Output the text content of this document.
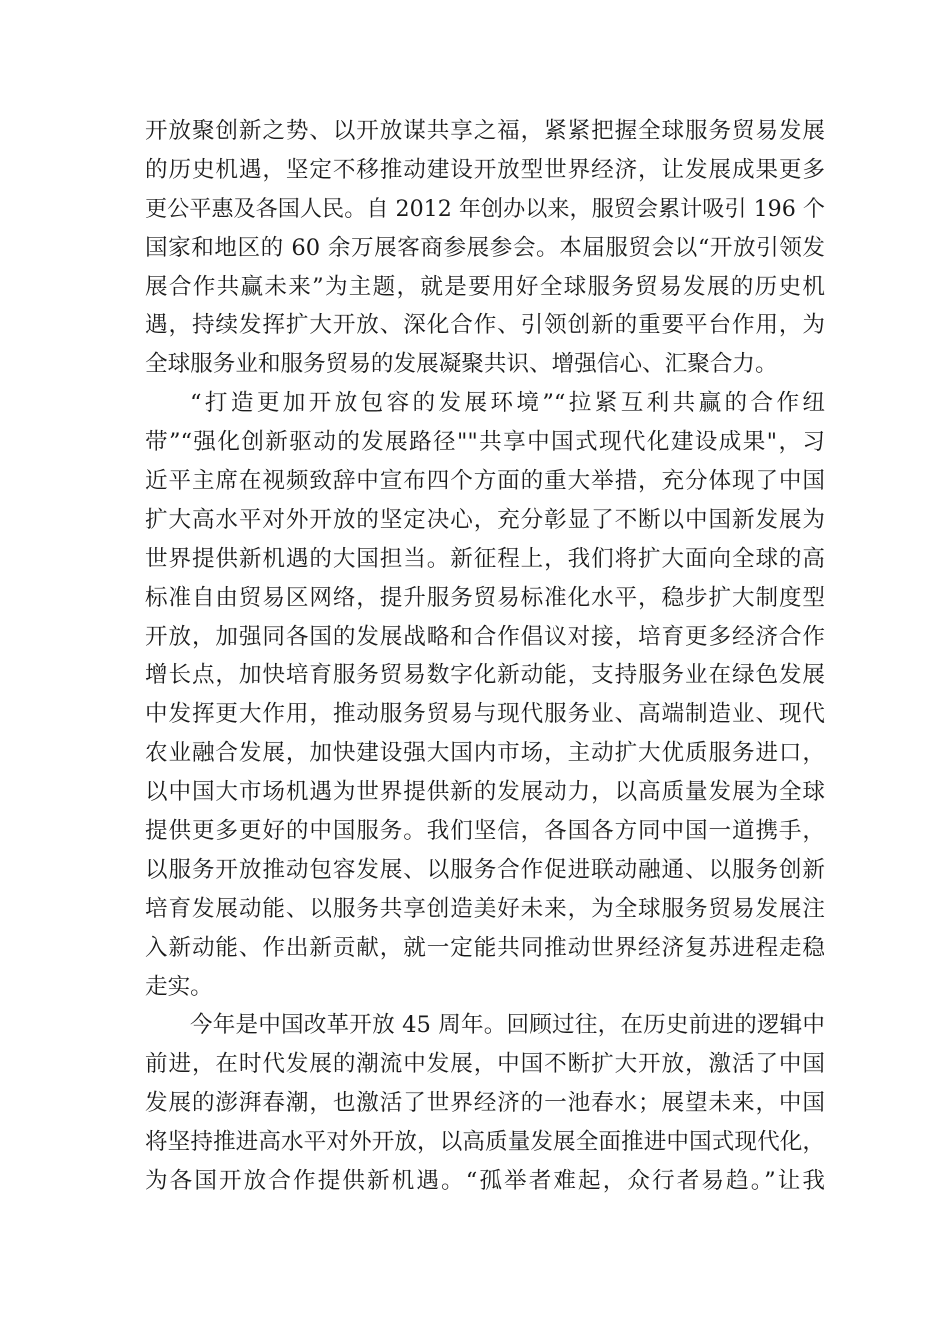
开放聚创新之势、以开放谋共享之福，紧紧把握全球服务贸易发展
的历史机遇，坚定不移推动建设开放型世界经济，让发展成果更多
更公平惠及各国人民。自 2012 年创办以来，服贸会累计吸引 196 个
国家和地区的 60 余万展客商参展参会。本届服贸会以“开放引领发
展合作共赢未来”为主题，就是要用好全球服务贸易发展的历史机
遇，持续发挥扩大开放、深化合作、引领创新的重要平台作用，为
全球服务业和服务贸易的发展凝聚共识、增强信心、汇聚合力。
“打造更加开放包容的发展环境”“拉紧互利共赢的合作纽
带”“强化创新驱动的发展路径""共享中国式现代化建设成果"，习
近平主席在视频致辞中宣布四个方面的重大举措，充分体现了中国
扩大高水平对外开放的坚定决心，充分彰显了不断以中国新发展为
世界提供新机遇的大国担当。新征程上，我们将扩大面向全球的高
标准自由贸易区网络，提升服务贸易标准化水平，稳步扩大制度型
开放，加强同各国的发展战略和合作倡议对接，培育更多经济合作
增长点，加快培育服务贸易数字化新动能，支持服务业在绿色发展
中发挥更大作用，推动服务贸易与现代服务业、高端制造业、现代
农业融合发展，加快建设强大国内市场，主动扩大优质服务进口，
以中国大市场机遇为世界提供新的发展动力，以高质量发展为全球
提供更多更好的中国服务。我们坚信，各国各方同中国一道携手，
以服务开放推动包容发展、以服务合作促进联动融通、以服务创新
培育发展动能、以服务共享创造美好未来，为全球服务贸易发展注
入新动能、作出新贡献，就一定能共同推动世界经济复苏进程走稳
走实。
今年是中国改革开放 45 周年。回顾过往，在历史前进的逻辑中
前进，在时代发展的潮流中发展，中国不断扩大开放，激活了中国
发展的澎湃春潮，也激活了世界经济的一池春水；展望未来，中国
将坚持推进高水平对外开放，以高质量发展全面推进中国式现代化，
为各国开放合作提供新机遇。“孤举者难起，众行者易趋。”让我
